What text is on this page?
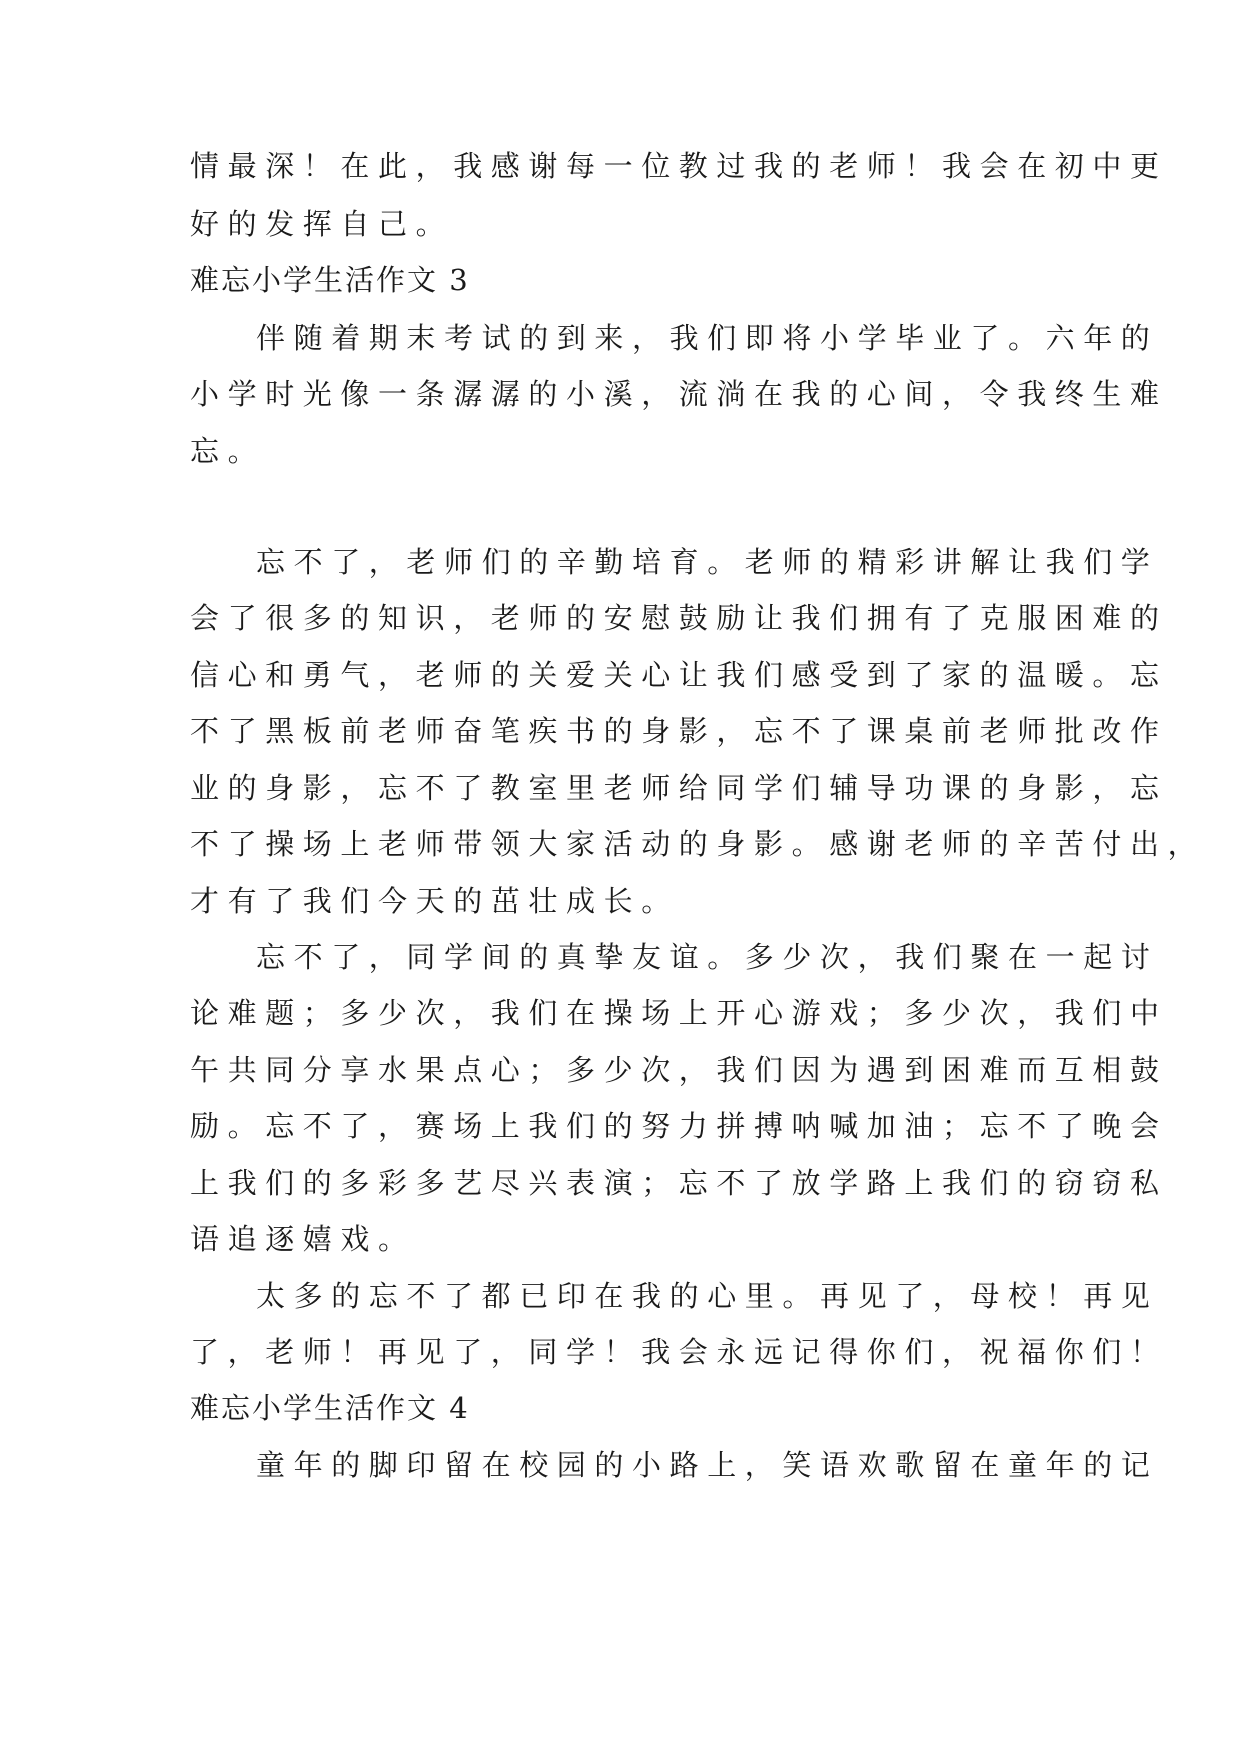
情最深！在此，我感谢每一位教过我的老师！我会在初中更
好的发挥自己。
难忘小学生活作文 3
伴随着期末考试的到来，我们即将小学毕业了。六年的
小学时光像一条潺潺的小溪，流淌在我的心间，令我终生难
忘。
忘不了，老师们的辛勤培育。老师的精彩讲解让我们学
会了很多的知识，老师的安慰鼓励让我们拥有了克服困难的
信心和勇气，老师的关爱关心让我们感受到了家的温暖。忘
不了黑板前老师奋笔疾书的身影，忘不了课桌前老师批改作
业的身影，忘不了教室里老师给同学们辅导功课的身影，忘
不了操场上老师带领大家活动的身影。感谢老师的辛苦付出，
才有了我们今天的茁壮成长。
忘不了，同学间的真挚友谊。多少次，我们聚在一起讨
论难题；多少次，我们在操场上开心游戏；多少次，我们中
午共同分享水果点心；多少次，我们因为遇到困难而互相鼓
励。忘不了，赛场上我们的努力拼搏呐喊加油；忘不了晚会
上我们的多彩多艺尽兴表演；忘不了放学路上我们的窃窃私
语追逐嬉戏。
太多的忘不了都已印在我的心里。再见了，母校！再见
了，老师！再见了，同学！我会永远记得你们，祝福你们！
难忘小学生活作文 4
童年的脚印留在校园的小路上，笑语欢歌留在童年的记
